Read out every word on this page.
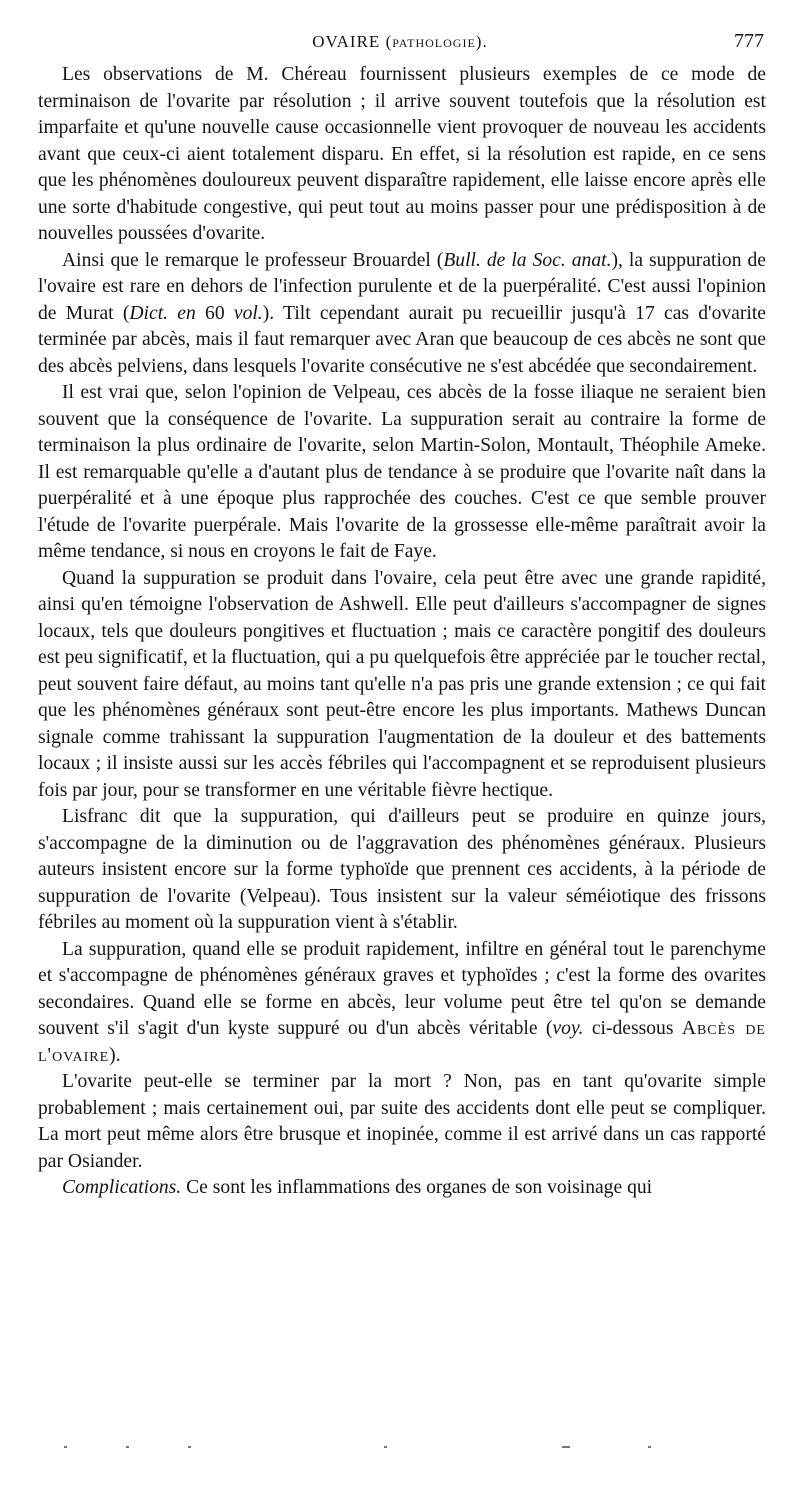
OVAIRE (pathologie).	777

Les observations de M. Chéreau fournissent plusieurs exemples de ce mode de terminaison de l'ovarite par résolution ; il arrive souvent toutefois que la résolution est imparfaite et qu'une nouvelle cause occasionnelle vient provoquer de nouveau les accidents avant que ceux-ci aient totalement disparu. En effet, si la résolution est rapide, en ce sens que les phénomènes douloureux peuvent disparaître rapidement, elle laisse encore après elle une sorte d'habitude congestive, qui peut tout au moins passer pour une prédisposition à de nouvelles poussées d'ovarite.

Ainsi que le remarque le professeur Brouardel (Bull. de la Soc. anat.), la suppuration de l'ovaire est rare en dehors de l'infection purulente et de la puerpéralité. C'est aussi l'opinion de Murat (Dict. en 60 vol.). Tilt cependant aurait pu recueillir jusqu'à 17 cas d'ovarite terminée par abcès, mais il faut remarquer avec Aran que beaucoup de ces abcès ne sont que des abcès pelviens, dans lesquels l'ovarite consécutive ne s'est abcédée que secondairement.

Il est vrai que, selon l'opinion de Velpeau, ces abcès de la fosse iliaque ne seraient bien souvent que la conséquence de l'ovarite. La suppuration serait au contraire la forme de terminaison la plus ordinaire de l'ovarite, selon Martin-Solon, Montault, Théophile Ameke. Il est remarquable qu'elle a d'autant plus de tendance à se produire que l'ovarite naît dans la puerpéralité et à une époque plus rapprochée des couches. C'est ce que semble prouver l'étude de l'ovarite puerpérale. Mais l'ovarite de la grossesse elle-même paraîtrait avoir la même tendance, si nous en croyons le fait de Faye.

Quand la suppuration se produit dans l'ovaire, cela peut être avec une grande rapidité, ainsi qu'en témoigne l'observation de Ashwell. Elle peut d'ailleurs s'accompagner de signes locaux, tels que douleurs pongitives et fluctuation ; mais ce caractère pongitif des douleurs est peu significatif, et la fluctuation, qui a pu quelquefois être appréciée par le toucher rectal, peut souvent faire défaut, au moins tant qu'elle n'a pas pris une grande extension ; ce qui fait que les phénomènes généraux sont peut-être encore les plus importants. Mathews Duncan signale comme trahissant la suppuration l'augmentation de la douleur et des battements locaux ; il insiste aussi sur les accès fébriles qui l'accompagnent et se reproduisent plusieurs fois par jour, pour se transformer en une véritable fièvre hectique.

Lisfranc dit que la suppuration, qui d'ailleurs peut se produire en quinze jours, s'accompagne de la diminution ou de l'aggravation des phénomènes généraux. Plusieurs auteurs insistent encore sur la forme typhoïde que prennent ces accidents, à la période de suppuration de l'ovarite (Velpeau). Tous insistent sur la valeur séméiotique des frissons fébriles au moment où la suppuration vient à s'établir.

La suppuration, quand elle se produit rapidement, infiltre en général tout le parenchyme et s'accompagne de phénomènes généraux graves et typhoïdes ; c'est la forme des ovarites secondaires. Quand elle se forme en abcès, leur volume peut être tel qu'on se demande souvent s'il s'agit d'un kyste suppuré ou d'un abcès véritable (voy. ci-dessous Abcès de l'ovaire).

L'ovarite peut-elle se terminer par la mort ? Non, pas en tant qu'ovarite simple probablement ; mais certainement oui, par suite des accidents dont elle peut se compliquer. La mort peut même alors être brusque et inopinée, comme il est arrivé dans un cas rapporté par Osiander.

Complications. Ce sont les inflammations des organes de son voisinage qui
